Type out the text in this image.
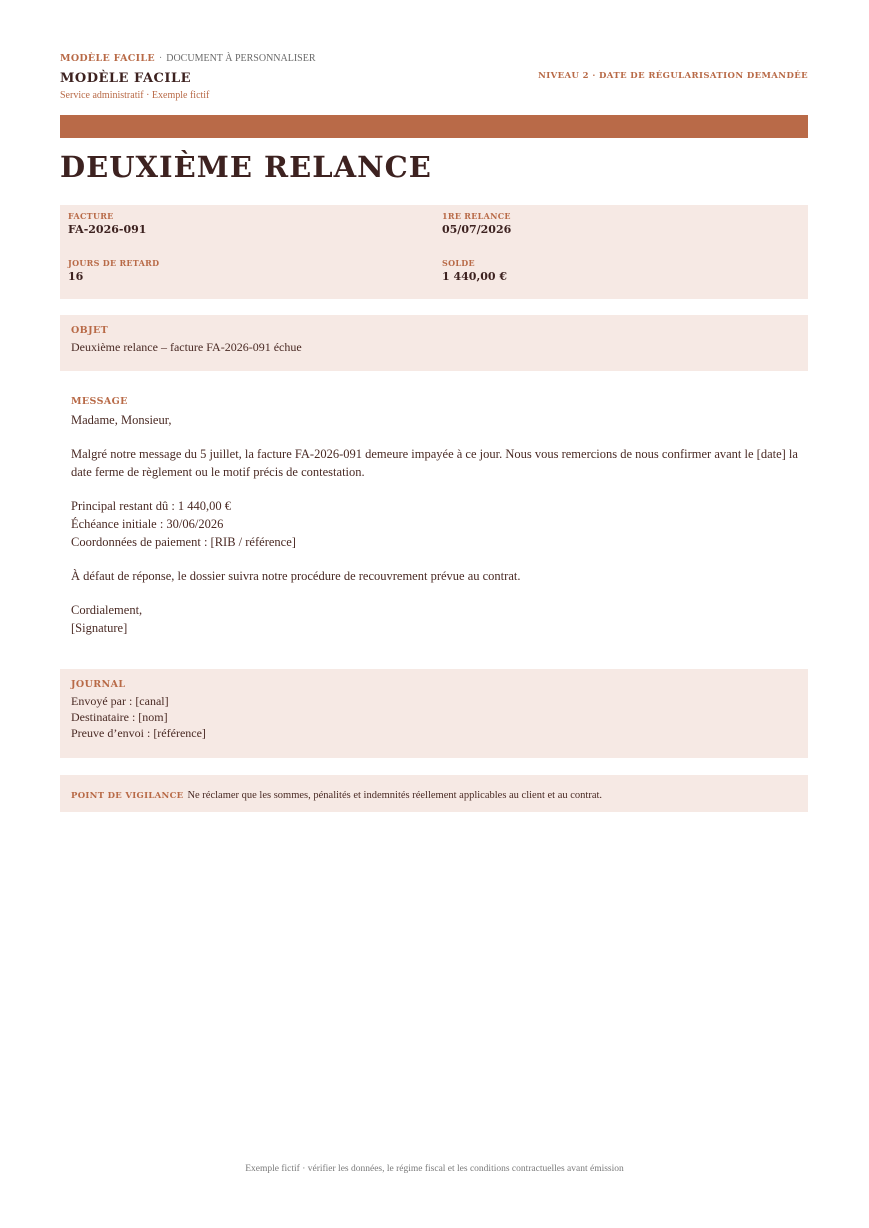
MODÈLE FACILE · DOCUMENT À PERSONNALISER
MODÈLE FACILE
Service administratif · Exemple fictif
NIVEAU 2 · DATE DE RÉGULARISATION DEMANDÉE
DEUXIÈME RELANCE
FACTURE
FA-2026-091
1RE RELANCE
05/07/2026
JOURS DE RETARD
16
SOLDE
1 440,00 €
OBJET
Deuxième relance – facture FA-2026-091 échue
MESSAGE

Madame, Monsieur,

Malgré notre message du 5 juillet, la facture FA-2026-091 demeure impayée à ce jour. Nous vous remercions de nous confirmer avant le [date] la date ferme de règlement ou le motif précis de contestation.

Principal restant dû : 1 440,00 €

Échéance initiale : 30/06/2026

Coordonnées de paiement : [RIB / référence]

À défaut de réponse, le dossier suivra notre procédure de recouvrement prévue au contrat.

Cordialement,

[Signature]

JOURNAL
Envoyé par : [canal]
Destinataire : [nom]
Preuve d’envoi : [référence]
POINT DE VIGILANCE Ne réclamer que les sommes, pénalités et indemnités réellement applicables au client et au contrat.
Exemple fictif · vérifier les données, le régime fiscal et les conditions contractuelles avant émission
